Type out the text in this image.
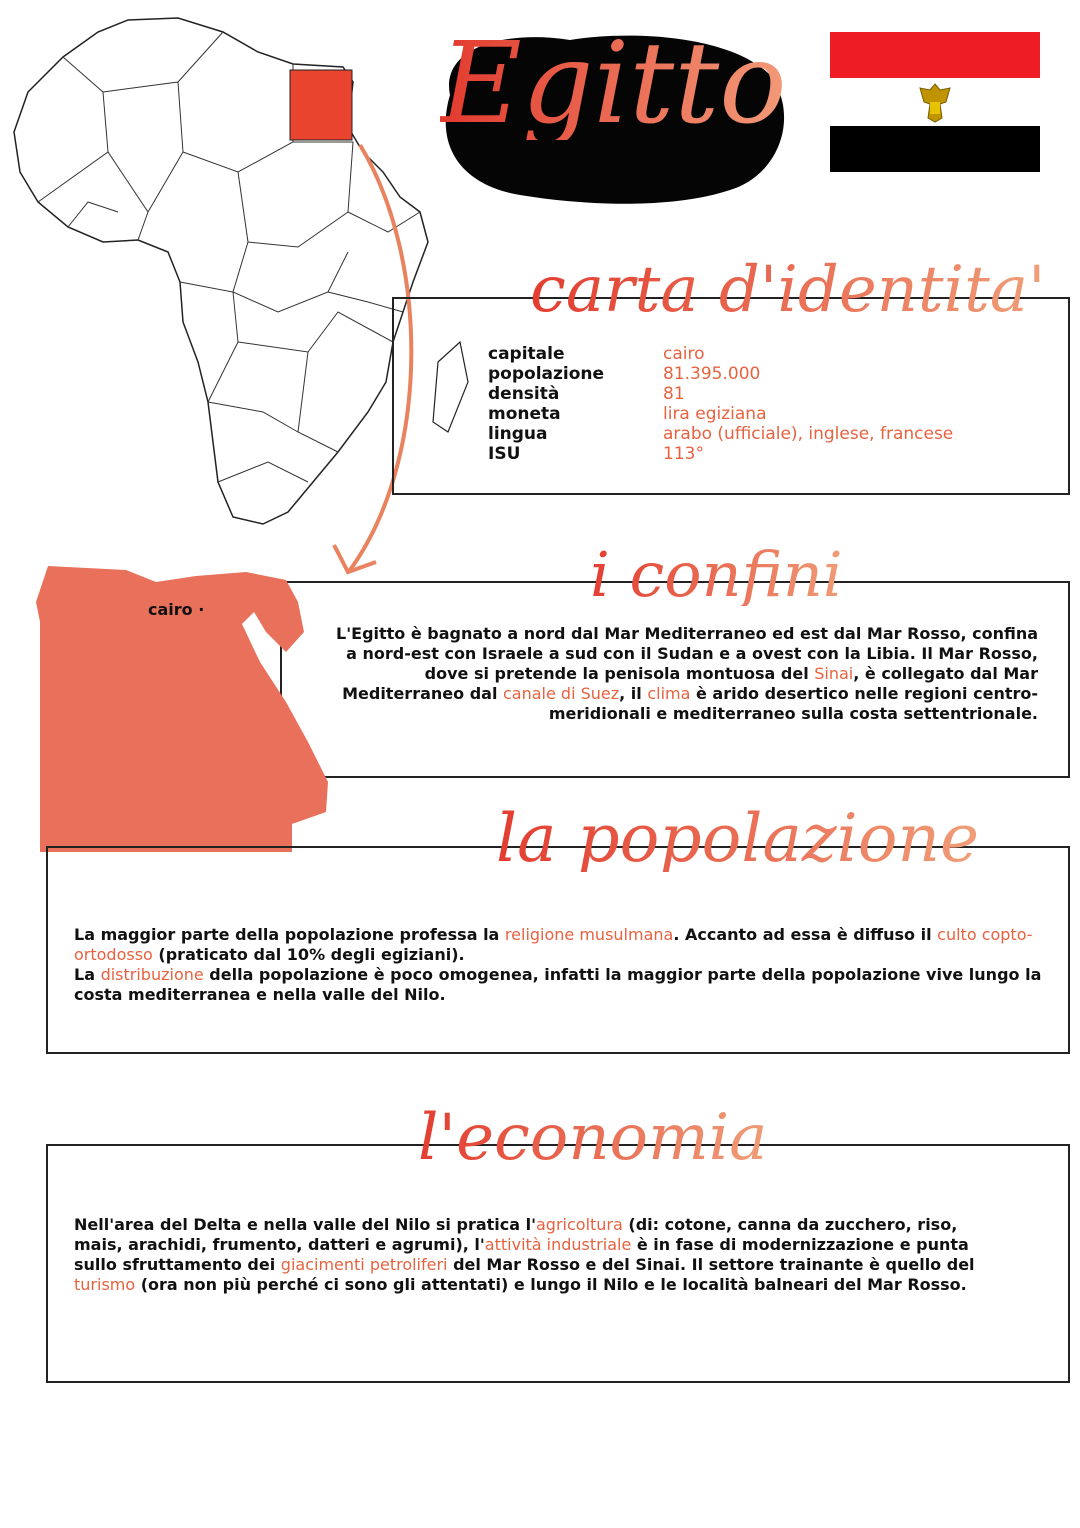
Egitto
carta d'identita'
capitale	cairo
popolazione	81.395.000
densità	81
moneta	lira egiziana
lingua	arabo (ufficiale), inglese, francese
ISU	113°
cairo ·	i confini
L'Egitto è bagnato a nord dal Mar Mediterraneo ed est dal Mar Rosso, confina a nord-est con Israele a sud con il Sudan e a ovest con la Libia. Il Mar Rosso, dove si pretende la penisola montuosa del Sinai, è collegato dal Mar Mediterraneo dal canale di Suez, il clima è arido desertico nelle regioni centro-meridionali e mediterraneo sulla costa settentrionale.
la popolazione
La maggior parte della popolazione professa la religione musulmana. Accanto ad essa è diffuso il culto copto-ortodosso (praticato dal 10% degli egiziani).
La distribuzione della popolazione è poco omogenea, infatti la maggior parte della popolazione vive lungo la costa mediterranea e nella valle del Nilo.
l'economia
Nell'area del Delta e nella valle del Nilo si pratica l'agricoltura (di: cotone, canna da zucchero, riso, mais, arachidi, frumento, datteri e agrumi), l'attività industriale è in fase di modernizzazione e punta sullo sfruttamento dei giacimenti petroliferi del Mar Rosso e del Sinai. Il settore trainante è quello del turismo (ora non più perché ci sono gli attentati) e lungo il Nilo e le località balneari del Mar Rosso.
